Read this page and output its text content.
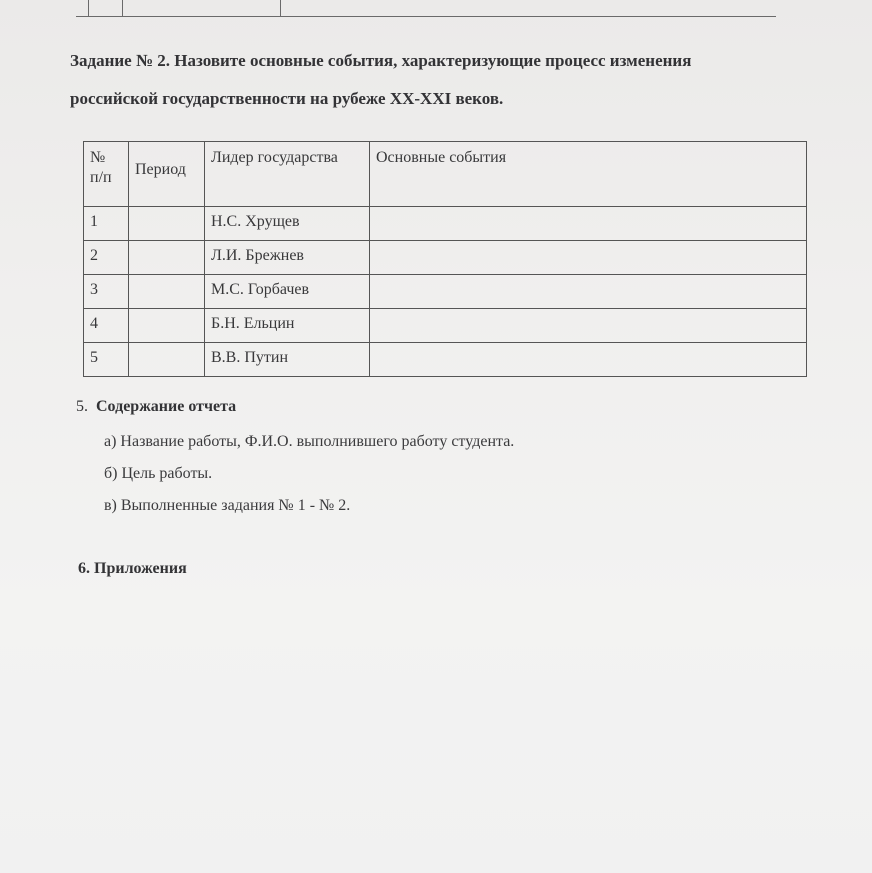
Задание № 2. Назовите основные события, характеризующие процесс изменения
российской государственности на рубеже XX-XXI веков.
№ п/п	Период	Лидер государства	Основные события
1		Н.С. Хрущев	
2		Л.И. Брежнев	
3		М.С. Горбачев	
4		Б.Н. Ельцин	
5		В.В. Путин	
5. Содержание отчета

а) Название работы, Ф.И.О. выполнившего работу студента.

б) Цель работы.

в) Выполненные задания № 1 - № 2.

6. Приложения
